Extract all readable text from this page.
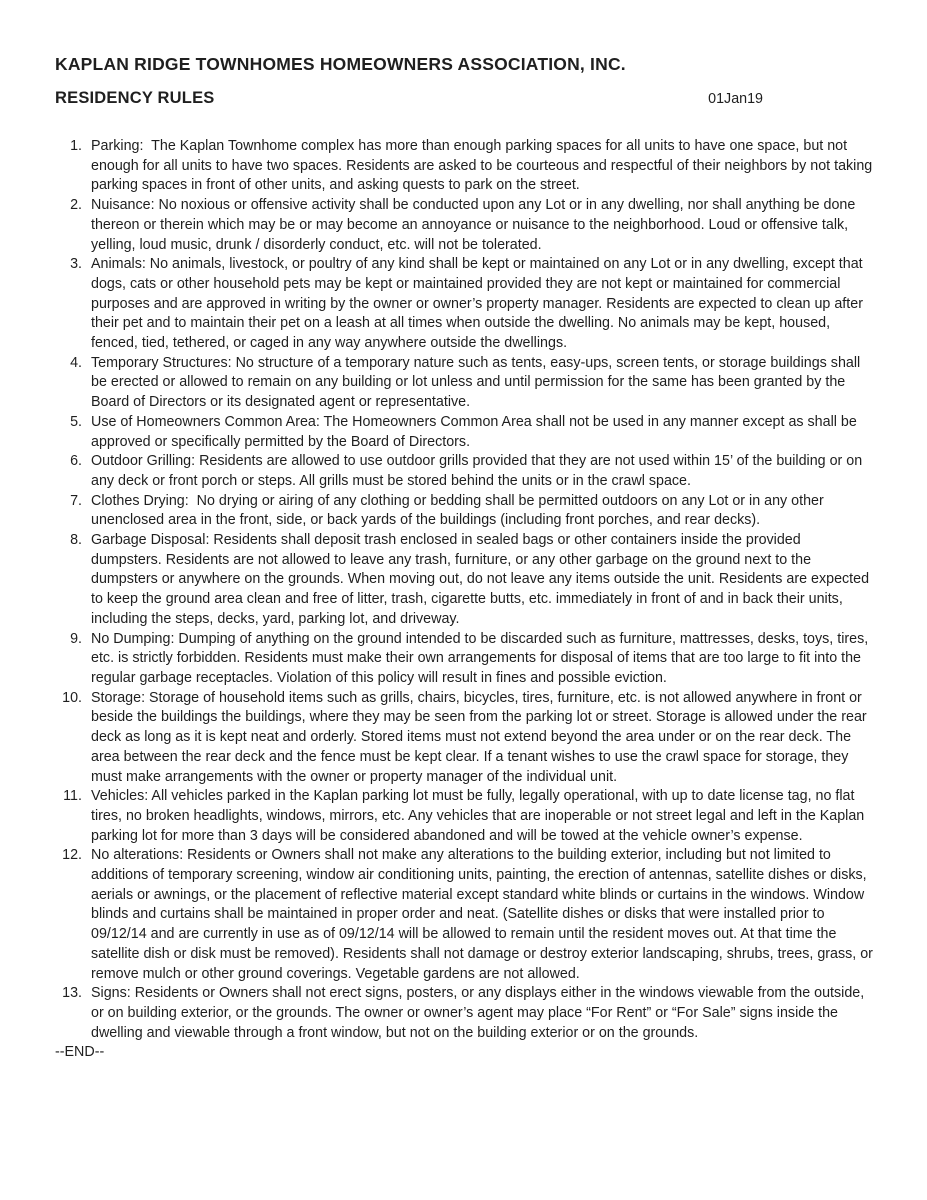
KAPLAN RIDGE TOWNHOMES HOMEOWNERS ASSOCIATION, INC.
RESIDENCY RULES	01Jan19
1. Parking:  The Kaplan Townhome complex has more than enough parking spaces for all units to have one space, but not enough for all units to have two spaces. Residents are asked to be courteous and respectful of their neighbors by not taking parking spaces in front of other units, and asking quests to park on the street.
2. Nuisance: No noxious or offensive activity shall be conducted upon any Lot or in any dwelling, nor shall anything be done thereon or therein which may be or may become an annoyance or nuisance to the neighborhood. Loud or offensive talk, yelling, loud music, drunk / disorderly conduct, etc. will not be tolerated.
3. Animals: No animals, livestock, or poultry of any kind shall be kept or maintained on any Lot or in any dwelling, except that dogs, cats or other household pets may be kept or maintained provided they are not kept or maintained for commercial purposes and are approved in writing by the owner or owner’s property manager. Residents are expected to clean up after their pet and to maintain their pet on a leash at all times when outside the dwelling. No animals may be kept, housed, fenced, tied, tethered, or caged in any way anywhere outside the dwellings.
4. Temporary Structures: No structure of a temporary nature such as tents, easy-ups, screen tents, or storage buildings shall be erected or allowed to remain on any building or lot unless and until permission for the same has been granted by the Board of Directors or its designated agent or representative.
5. Use of Homeowners Common Area: The Homeowners Common Area shall not be used in any manner except as shall be approved or specifically permitted by the Board of Directors.
6. Outdoor Grilling: Residents are allowed to use outdoor grills provided that they are not used within 15’ of the building or on any deck or front porch or steps. All grills must be stored behind the units or in the crawl space.
7. Clothes Drying:  No drying or airing of any clothing or bedding shall be permitted outdoors on any Lot or in any other unenclosed area in the front, side, or back yards of the buildings (including front porches, and rear decks).
8. Garbage Disposal: Residents shall deposit trash enclosed in sealed bags or other containers inside the provided dumpsters. Residents are not allowed to leave any trash, furniture, or any other garbage on the ground next to the dumpsters or anywhere on the grounds. When moving out, do not leave any items outside the unit. Residents are expected to keep the ground area clean and free of litter, trash, cigarette butts, etc. immediately in front of and in back their units, including the steps, decks, yard, parking lot, and driveway.
9. No Dumping: Dumping of anything on the ground intended to be discarded such as furniture, mattresses, desks, toys, tires, etc. is strictly forbidden. Residents must make their own arrangements for disposal of items that are too large to fit into the regular garbage receptacles. Violation of this policy will result in fines and possible eviction.
10. Storage: Storage of household items such as grills, chairs, bicycles, tires, furniture, etc. is not allowed anywhere in front or beside the buildings the buildings, where they may be seen from the parking lot or street. Storage is allowed under the rear deck as long as it is kept neat and orderly. Stored items must not extend beyond the area under or on the rear deck. The area between the rear deck and the fence must be kept clear. If a tenant wishes to use the crawl space for storage, they must make arrangements with the owner or property manager of the individual unit.
11. Vehicles: All vehicles parked in the Kaplan parking lot must be fully, legally operational, with up to date license tag, no flat tires, no broken headlights, windows, mirrors, etc. Any vehicles that are inoperable or not street legal and left in the Kaplan parking lot for more than 3 days will be considered abandoned and will be towed at the vehicle owner’s expense.
12. No alterations: Residents or Owners shall not make any alterations to the building exterior, including but not limited to additions of temporary screening, window air conditioning units, painting, the erection of antennas, satellite dishes or disks, aerials or awnings, or the placement of reflective material except standard white blinds or curtains in the windows. Window blinds and curtains shall be maintained in proper order and neat. (Satellite dishes or disks that were installed prior to 09/12/14 and are currently in use as of 09/12/14 will be allowed to remain until the resident moves out. At that time the satellite dish or disk must be removed). Residents shall not damage or destroy exterior landscaping, shrubs, trees, grass, or remove mulch or other ground coverings. Vegetable gardens are not allowed.
13. Signs: Residents or Owners shall not erect signs, posters, or any displays either in the windows viewable from the outside, or on building exterior, or the grounds. The owner or owner’s agent may place “For Rent” or “For Sale” signs inside the dwelling and viewable through a front window, but not on the building exterior or on the grounds.

--END--
